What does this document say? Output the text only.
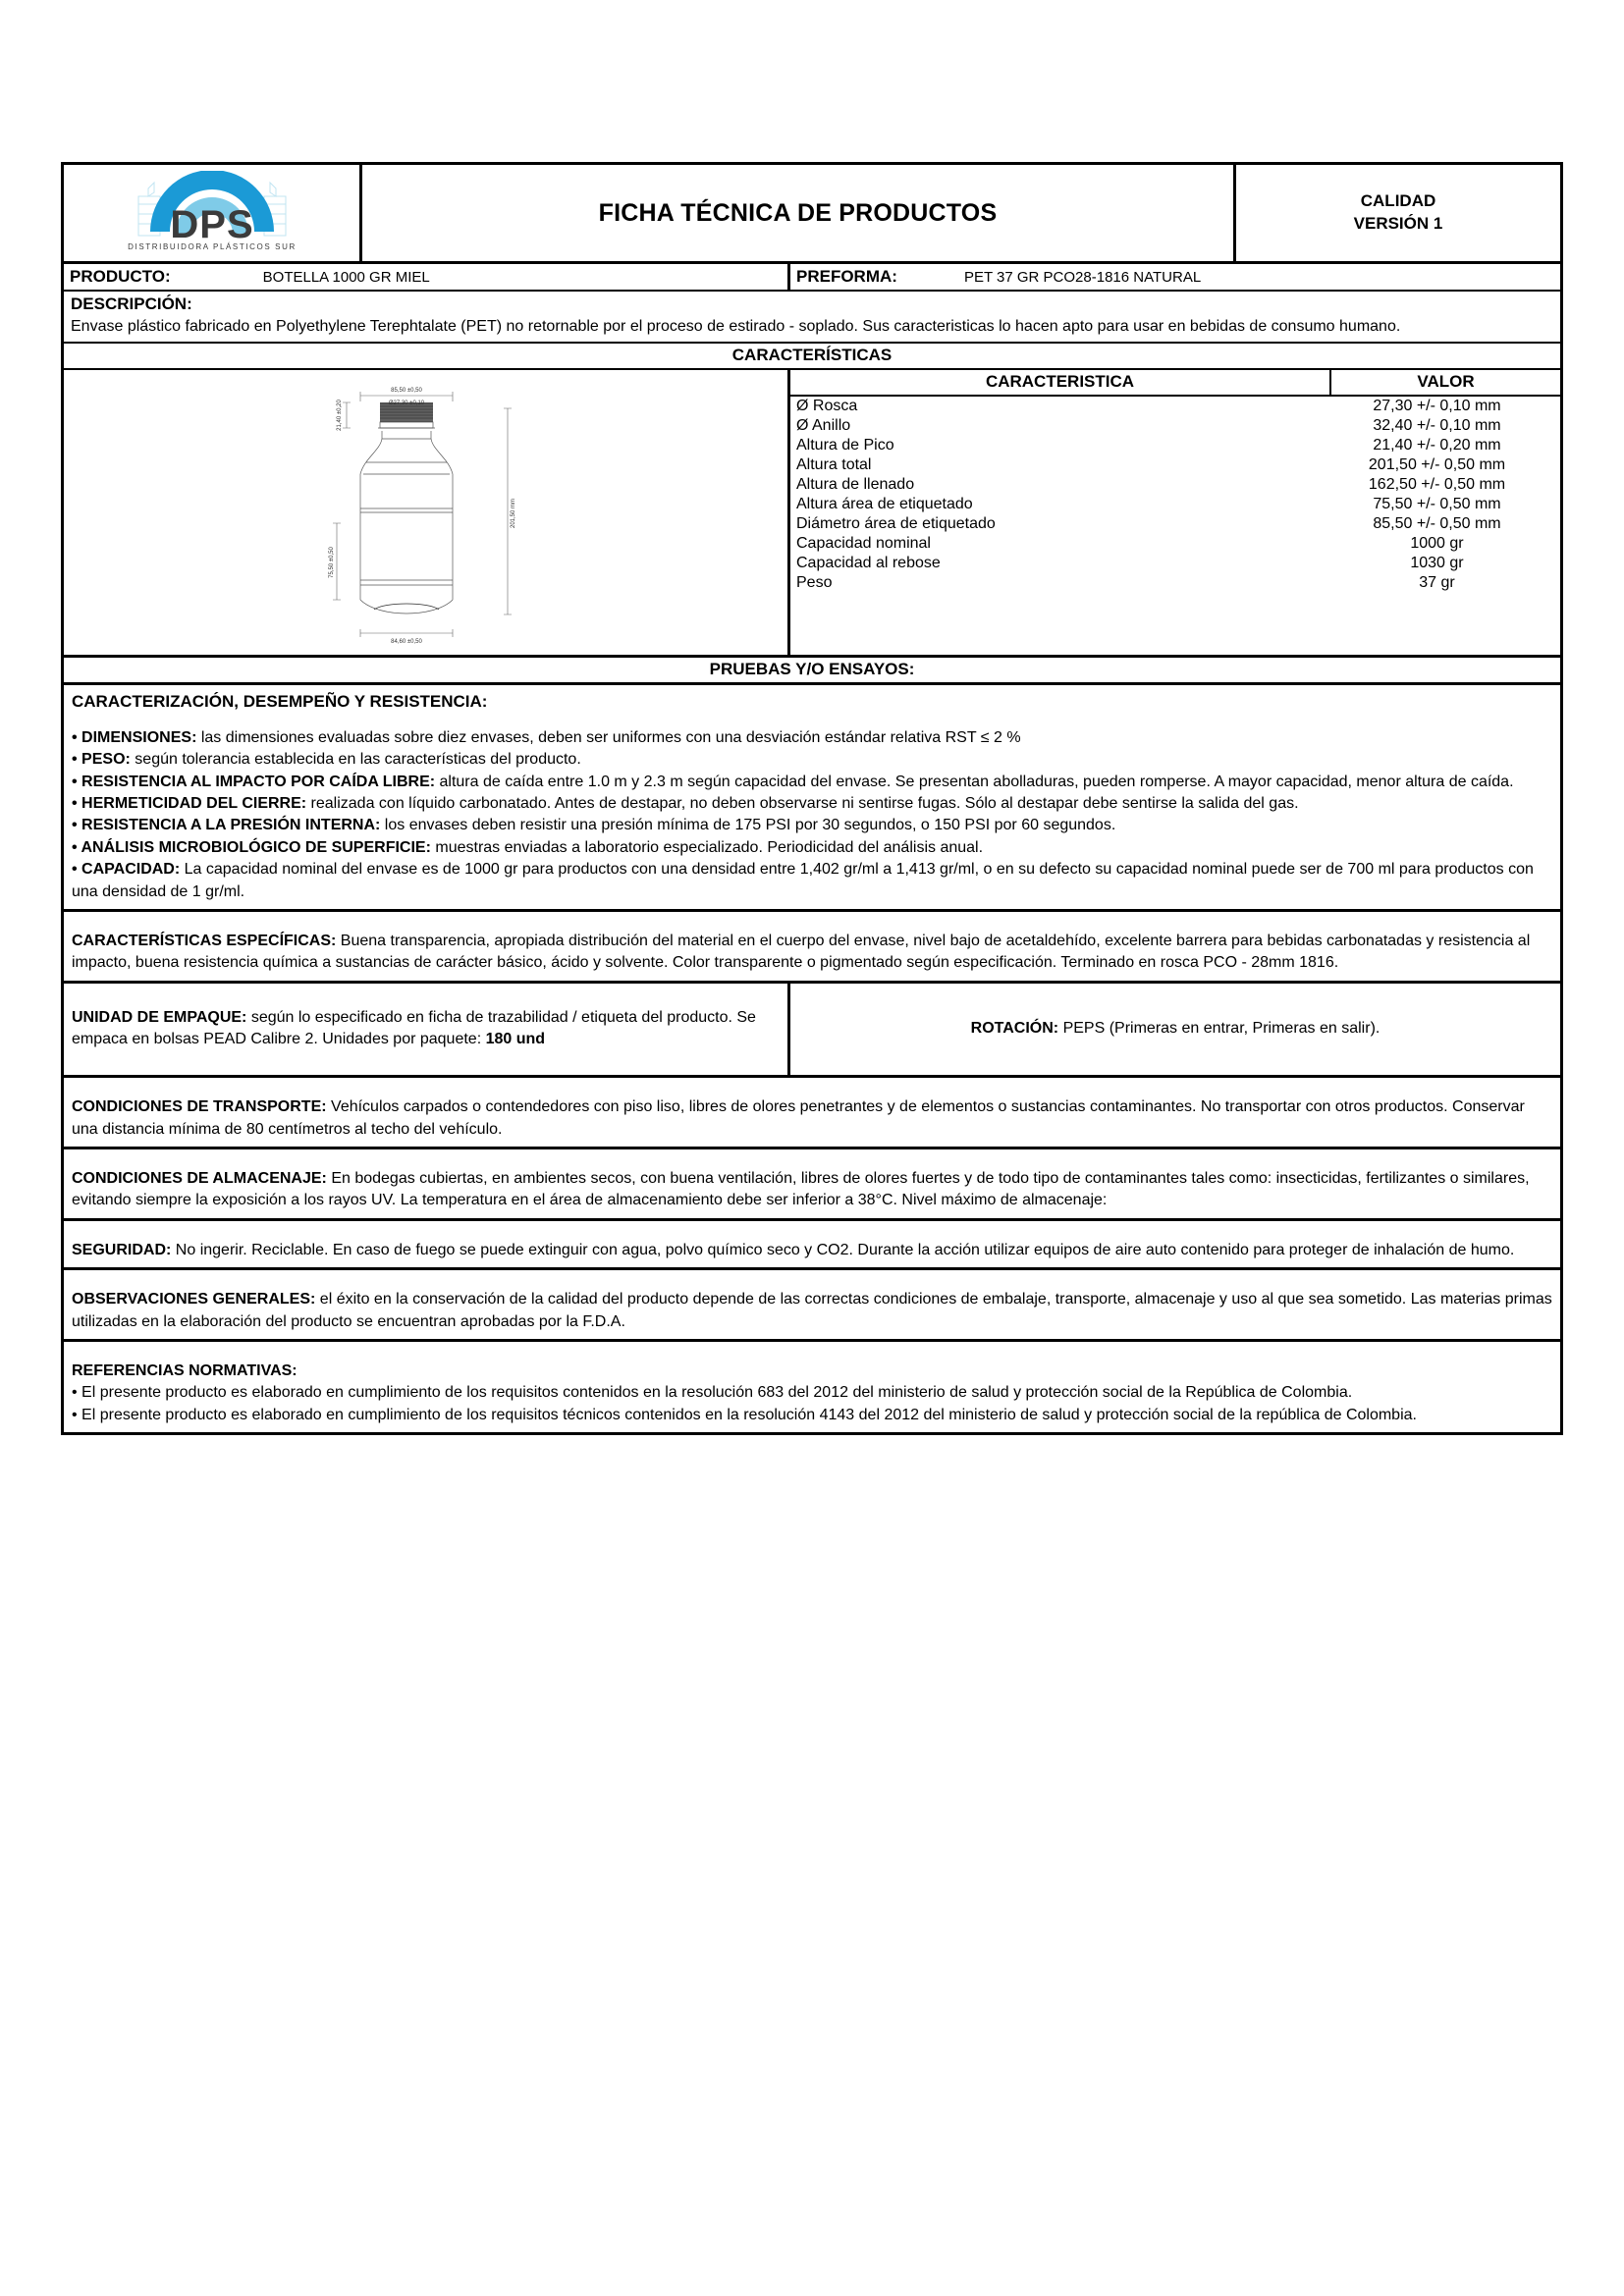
DPS
DISTRIBUIDORA PLÁSTICOS SUR
FICHA TÉCNICA DE PRODUCTOS	CALIDAD
VERSIÓN 1
PRODUCTO:	BOTELLA 1000 GR MIEL	PREFORMA:	PET 37 GR PCO28-1816 NATURAL
DESCRIPCIÓN:
Envase plástico fabricado en Polyethylene Terephtalate (PET) no retornable por el proceso de estirado - soplado. Sus caracteristicas lo hacen apto para usar en bebidas de consumo humano.
CARACTERÍSTICAS
85,50 ±0,50
Ø27,30 ±0,10
84,60 ±0,50
201,50 mm
75,50 ±0,50
21,40 ±0,20
CARACTERISTICA	VALOR
Ø Rosca	27,30 +/- 0,10 mm
Ø Anillo	32,40 +/- 0,10 mm
Altura de Pico	21,40 +/- 0,20 mm
Altura total	201,50 +/- 0,50 mm
Altura de llenado	162,50 +/- 0,50 mm
Altura área de etiquetado	75,50 +/- 0,50 mm
Diámetro área de etiquetado	85,50 +/- 0,50 mm
Capacidad nominal	1000 gr
Capacidad al rebose	1030 gr
Peso	37 gr
PRUEBAS Y/O ENSAYOS:

CARACTERIZACIÓN, DESEMPEÑO Y RESISTENCIA:

• DIMENSIONES: las dimensiones evaluadas sobre diez envases, deben ser uniformes con una desviación estándar relativa RST ≤ 2 %

• PESO: según tolerancia establecida en las características del producto.

• RESISTENCIA AL IMPACTO POR CAÍDA LIBRE: altura de caída entre 1.0 m y 2.3 m según capacidad del envase. Se presentan abolladuras, pueden romperse. A mayor capacidad, menor altura de caída.

• HERMETICIDAD DEL CIERRE: realizada con líquido carbonatado. Antes de destapar, no deben observarse ni sentirse fugas. Sólo al destapar debe sentirse la salida del gas.

• RESISTENCIA A LA PRESIÓN INTERNA: los envases deben resistir una presión mínima de 175 PSI por 30 segundos, o 150 PSI por 60 segundos.

• ANÁLISIS MICROBIOLÓGICO DE SUPERFICIE: muestras enviadas a laboratorio especializado. Periodicidad del análisis anual.

• CAPACIDAD: La capacidad nominal del envase es de 1000 gr para productos con una densidad entre 1,402 gr/ml a 1,413 gr/ml, o en su defecto su capacidad nominal puede ser de 700 ml para productos con una densidad de 1 gr/ml.

CARACTERÍSTICAS ESPECÍFICAS: Buena transparencia, apropiada distribución del material en el cuerpo del envase, nivel bajo de acetaldehído, excelente barrera para bebidas carbonatadas y resistencia al impacto, buena resistencia química a sustancias de carácter básico, ácido y solvente. Color transparente o pigmentado según especificación. Terminado en rosca PCO - 28mm 1816.

UNIDAD DE EMPAQUE: según lo especificado en ficha de trazabilidad / etiqueta del producto. Se empaca en bolsas PEAD Calibre 2. Unidades por paquete: 180 und

ROTACIÓN: PEPS (Primeras en entrar, Primeras en salir).

CONDICIONES DE TRANSPORTE: Vehículos carpados o contendedores con piso liso, libres de olores penetrantes y de elementos o sustancias contaminantes. No transportar con otros productos. Conservar una distancia mínima de 80 centímetros al techo del vehículo.

CONDICIONES DE ALMACENAJE: En bodegas cubiertas, en ambientes secos, con buena ventilación, libres de olores fuertes y de todo tipo de contaminantes tales como: insecticidas, fertilizantes o similares, evitando siempre la exposición a los rayos UV. La temperatura en el área de almacenamiento debe ser inferior a 38°C. Nivel máximo de almacenaje:

SEGURIDAD: No ingerir. Reciclable. En caso de fuego se puede extinguir con agua, polvo químico seco y CO2. Durante la acción utilizar equipos de aire auto contenido para proteger de inhalación de humo.

OBSERVACIONES GENERALES: el éxito en la conservación de la calidad del producto depende de las correctas condiciones de embalaje, transporte, almacenaje y uso al que sea sometido. Las materias primas utilizadas en la elaboración del producto se encuentran aprobadas por la F.D.A.

REFERENCIAS NORMATIVAS:

• El presente producto es elaborado en cumplimiento de los requisitos contenidos en la resolución 683 del 2012 del ministerio de salud y protección social de la República de Colombia.

• El presente producto es elaborado en cumplimiento de los requisitos técnicos contenidos en la resolución 4143 del 2012 del ministerio de salud y protección social de la república de Colombia.
